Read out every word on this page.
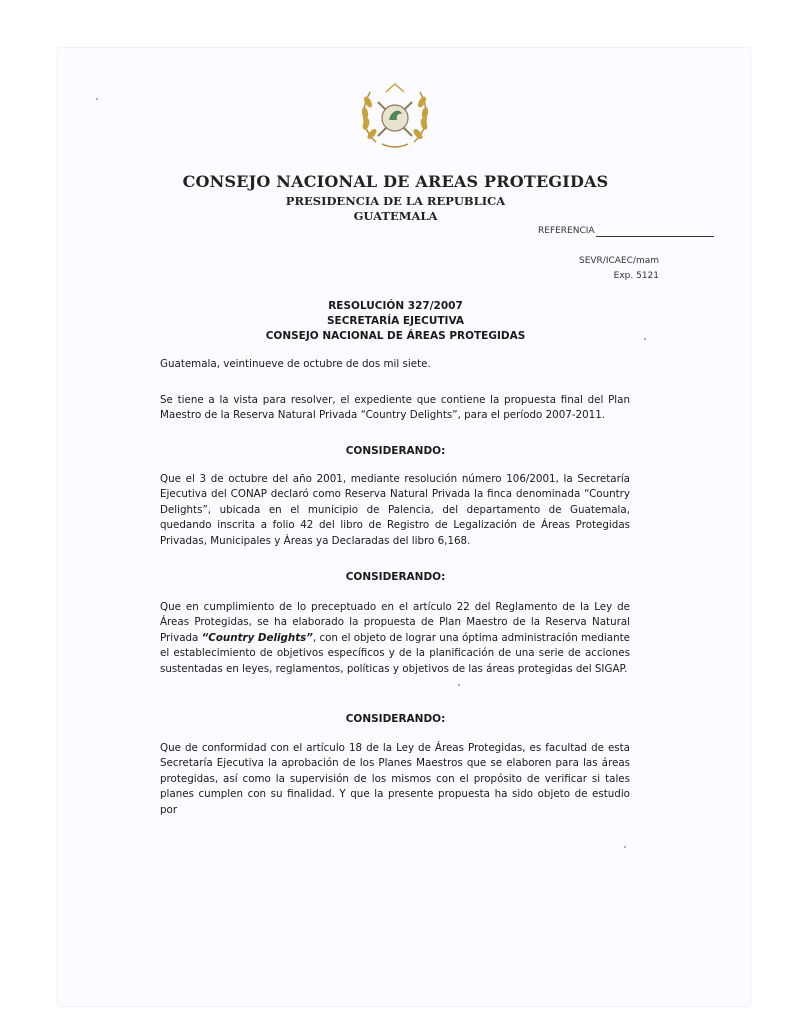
CONSEJO NACIONAL DE AREAS PROTEGIDAS
PRESIDENCIA DE LA REPUBLICA
GUATEMALA
REFERENCIA
SEVR/ICAEC/mam
Exp. 5121
RESOLUCIÓN 327/2007
SECRETARÍA EJECUTIVA
CONSEJO NACIONAL DE ÁREAS PROTEGIDAS
Guatemala, veintinueve de octubre de dos mil siete.
Se tiene a la vista para resolver, el expediente que contiene la propuesta final del Plan Maestro de la Reserva Natural Privada “Country Delights”, para el período 2007-2011.
CONSIDERANDO:
Que el 3 de octubre del año 2001, mediante resolución número 106/2001, la Secretaría Ejecutiva del CONAP declaró como Reserva Natural Privada la finca denominada “Country Delights”, ubicada en el municipio de Palencia, del departamento de Guatemala, quedando inscrita a folio 42 del libro de Registro de Legalización de Áreas Protegidas Privadas, Municipales y Áreas ya Declaradas del libro 6,168.
CONSIDERANDO:
Que en cumplimiento de lo preceptuado en el artículo 22 del Reglamento de la Ley de Áreas Protegidas, se ha elaborado la propuesta de Plan Maestro de la Reserva Natural Privada “Country Delights”, con el objeto de lograr una óptima administración mediante el establecimiento de objetivos específicos y de la planificación de una serie de acciones sustentadas en leyes, reglamentos, políticas y objetivos de las áreas protegidas del SIGAP.
CONSIDERANDO:
Que de conformidad con el artículo 18 de la Ley de Áreas Protegidas, es facultad de esta Secretaría Ejecutiva la aprobación de los Planes Maestros que se elaboren para las áreas protegidas, así como la supervisión de los mismos con el propósito de verificar si tales planes cumplen con su finalidad. Y que la presente propuesta ha sido objeto de estudio por
